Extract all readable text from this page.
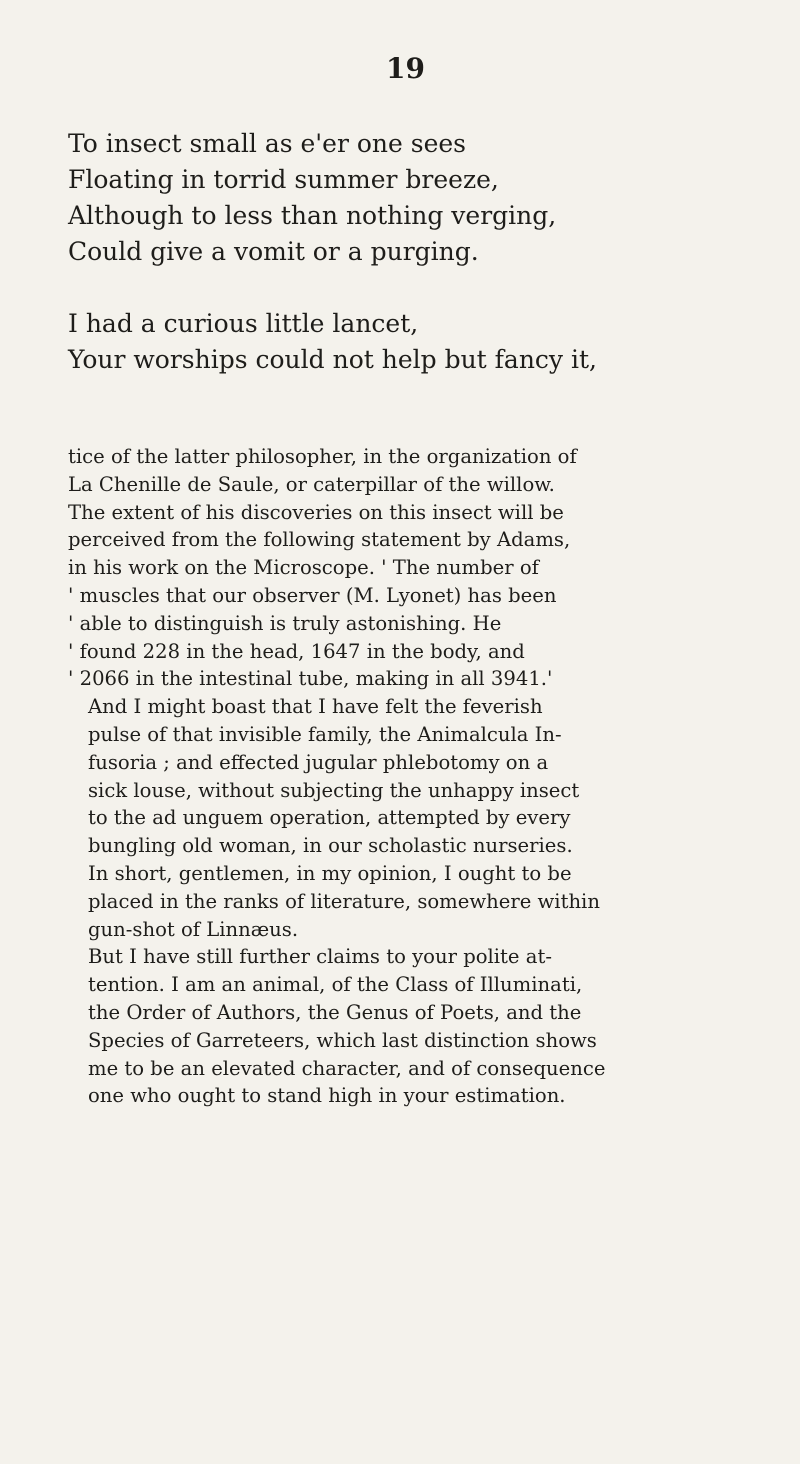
19
To insect small as e'er one sees
Floating in torrid summer breeze,
Although to less than nothing verging,
Could give a vomit or a purging.
I had a curious little lancet,
Your worships could not help but fancy it,

tice of the latter philosopher, in the organization of
La Chenille de Saule, or caterpillar of the willow.
The extent of his discoveries on this insect will be
perceived from the following statement by Adams,
in his work on the Microscope. ' The number of
' muscles that our observer (M. Lyonet) has been
' able to distinguish is truly astonishing. He
' found 228 in the head, 1647 in the body, and
' 2066 in the intestinal tube, making in all 3941.'

And I might boast that I have felt the feverish
pulse of that invisible family, the Animalcula In-
fusoria ; and effected jugular phlebotomy on a
sick louse, without subjecting the unhappy insect
to the ad unguem operation, attempted by every
bungling old woman, in our scholastic nurseries.
In short, gentlemen, in my opinion, I ought to be
placed in the ranks of literature, somewhere within
gun-shot of Linnæus.

But I have still further claims to your polite at-
tention. I am an animal, of the Class of Illuminati,
the Order of Authors, the Genus of Poets, and the
Species of Garreteers, which last distinction shows
me to be an elevated character, and of consequence
one who ought to stand high in your estimation.
